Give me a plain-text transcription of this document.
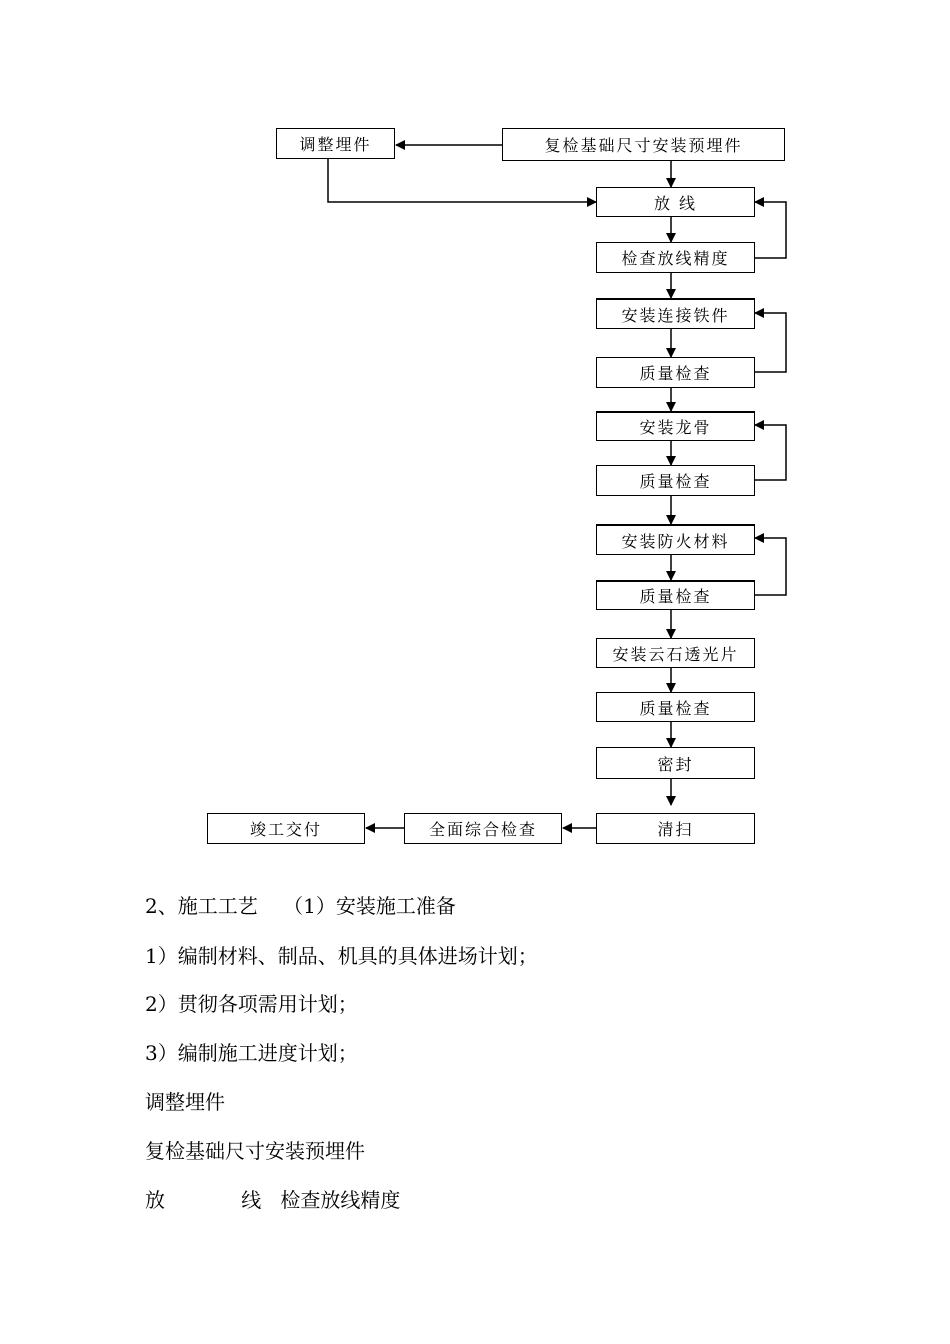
调整埋件	复检基础尺寸安装预埋件
放 线
检查放线精度
安装连接铁件
质量检查
安装龙骨
质量检查
安装防火材料
质量检查
安装云石透光片
质量检查
密封
清扫
全面综合检查
竣工交付
2、施工工艺    （1）安装施工准备
1）编制材料、制品、机具的具体进场计划；
2）贯彻各项需用计划；
3）编制施工进度计划；
调整埋件
复检基础尺寸安装预埋件
放            线   检查放线精度
